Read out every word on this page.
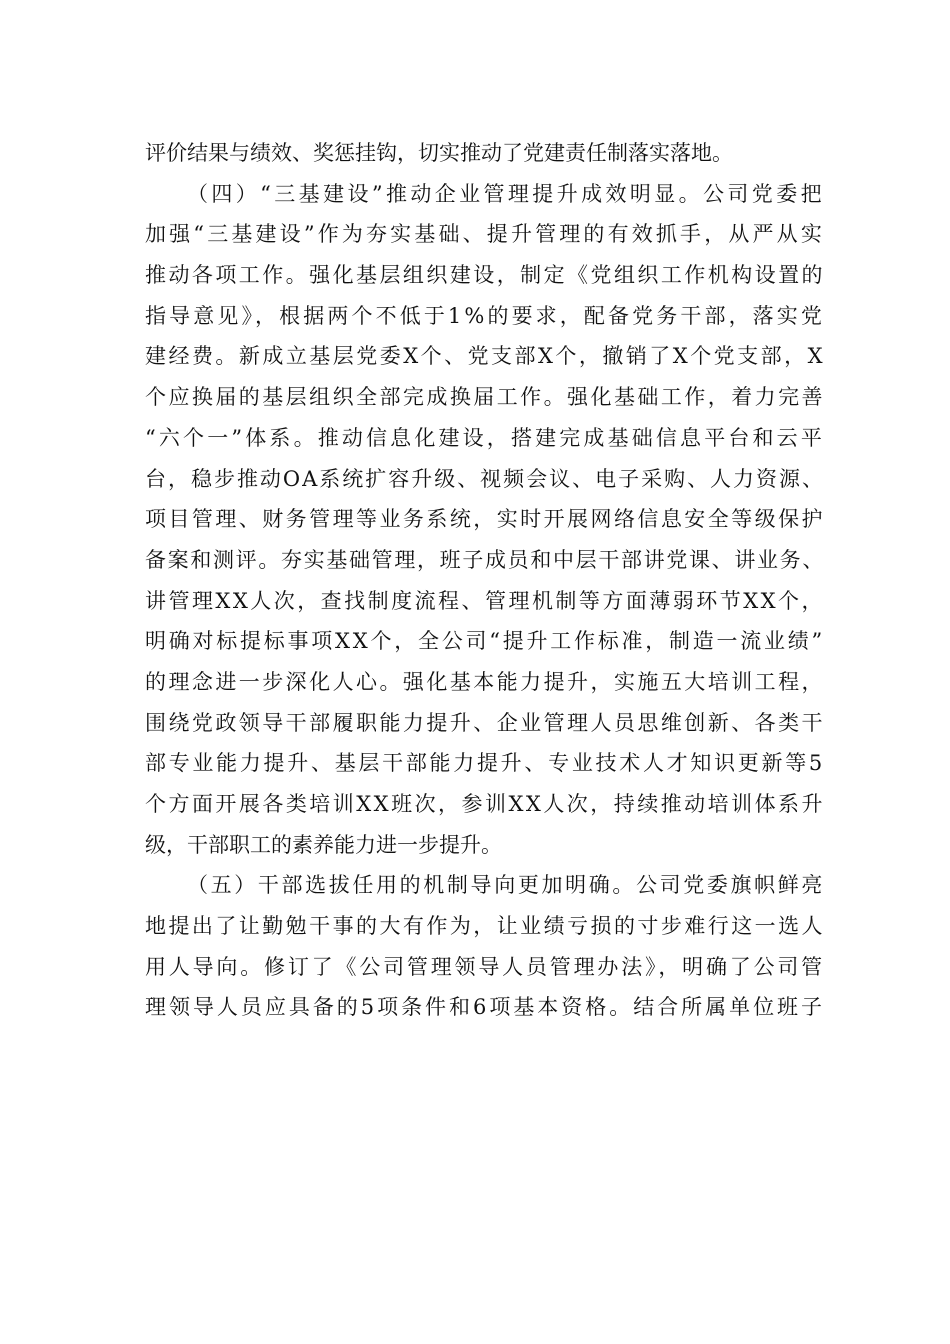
评价结果与绩效、奖惩挂钩，切实推动了党建责任制落实落地。
（四）“三基建设”推动企业管理提升成效明显。公司党委把
加强“三基建设”作为夯实基础、提升管理的有效抓手，从严从实
推动各项工作。强化基层组织建设，制定《党组织工作机构设置的
指导意见》，根据两个不低于1%的要求，配备党务干部，落实党
建经费。新成立基层党委X个、党支部X个，撤销了X个党支部，X
个应换届的基层组织全部完成换届工作。强化基础工作，着力完善
“六个一”体系。推动信息化建设，搭建完成基础信息平台和云平
台，稳步推动OA系统扩容升级、视频会议、电子采购、人力资源、
项目管理、财务管理等业务系统，实时开展网络信息安全等级保护
备案和测评。夯实基础管理，班子成员和中层干部讲党课、讲业务、
讲管理XX人次，查找制度流程、管理机制等方面薄弱环节XX个，
明确对标提标事项XX个，全公司“提升工作标准，制造一流业绩”
的理念进一步深化人心。强化基本能力提升，实施五大培训工程，
围绕党政领导干部履职能力提升、企业管理人员思维创新、各类干
部专业能力提升、基层干部能力提升、专业技术人才知识更新等5
个方面开展各类培训XX班次，参训XX人次，持续推动培训体系升
级，干部职工的素养能力进一步提升。
（五）干部选拔任用的机制导向更加明确。公司党委旗帜鲜亮
地提出了让勤勉干事的大有作为，让业绩亏损的寸步难行这一选人
用人导向。修订了《公司管理领导人员管理办法》，明确了公司管
理领导人员应具备的5项条件和6项基本资格。结合所属单位班子
